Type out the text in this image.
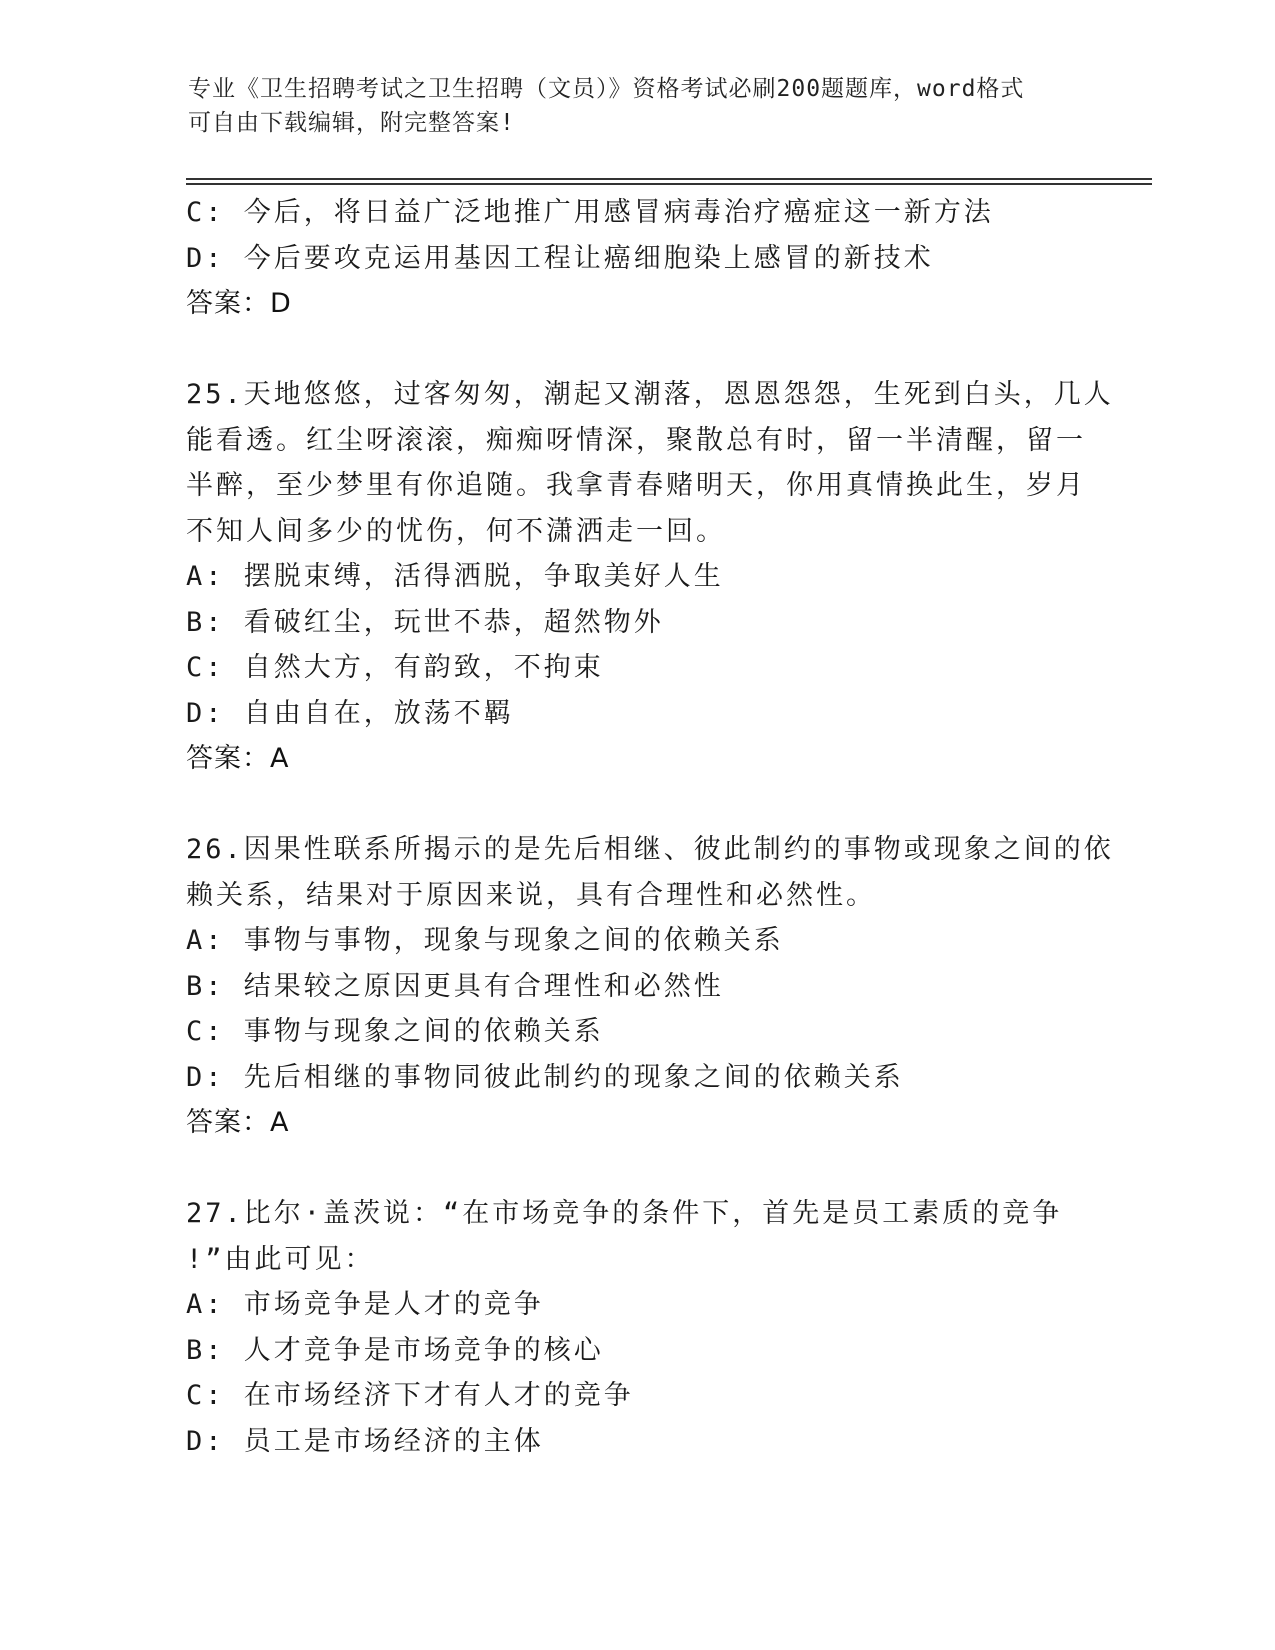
专业《卫生招聘考试之卫生招聘（文员）》资格考试必刷200题题库，word格式
可自由下载编辑，附完整答案!
C: 今后，将日益广泛地推广用感冒病毒治疗癌症这一新方法
D: 今后要攻克运用基因工程让癌细胞染上感冒的新技术
答案：D
25.天地悠悠，过客匆匆，潮起又潮落，恩恩怨怨，生死到白头，几人
能看透。红尘呀滚滚，痴痴呀情深，聚散总有时，留一半清醒，留一
半醉，至少梦里有你追随。我拿青春赌明天，你用真情换此生，岁月
不知人间多少的忧伤，何不潇洒走一回。
A: 摆脱束缚，活得洒脱，争取美好人生
B: 看破红尘，玩世不恭，超然物外
C: 自然大方，有韵致，不拘束
D: 自由自在，放荡不羁
答案：A
26.因果性联系所揭示的是先后相继、彼此制约的事物或现象之间的依
赖关系，结果对于原因来说，具有合理性和必然性。
A: 事物与事物，现象与现象之间的依赖关系
B: 结果较之原因更具有合理性和必然性
C: 事物与现象之间的依赖关系
D: 先后相继的事物同彼此制约的现象之间的依赖关系
答案：A
27.比尔·盖茨说：“在市场竞争的条件下，首先是员工素质的竞争
!”由此可见：
A: 市场竞争是人才的竞争
B: 人才竞争是市场竞争的核心
C: 在市场经济下才有人才的竞争
D: 员工是市场经济的主体
